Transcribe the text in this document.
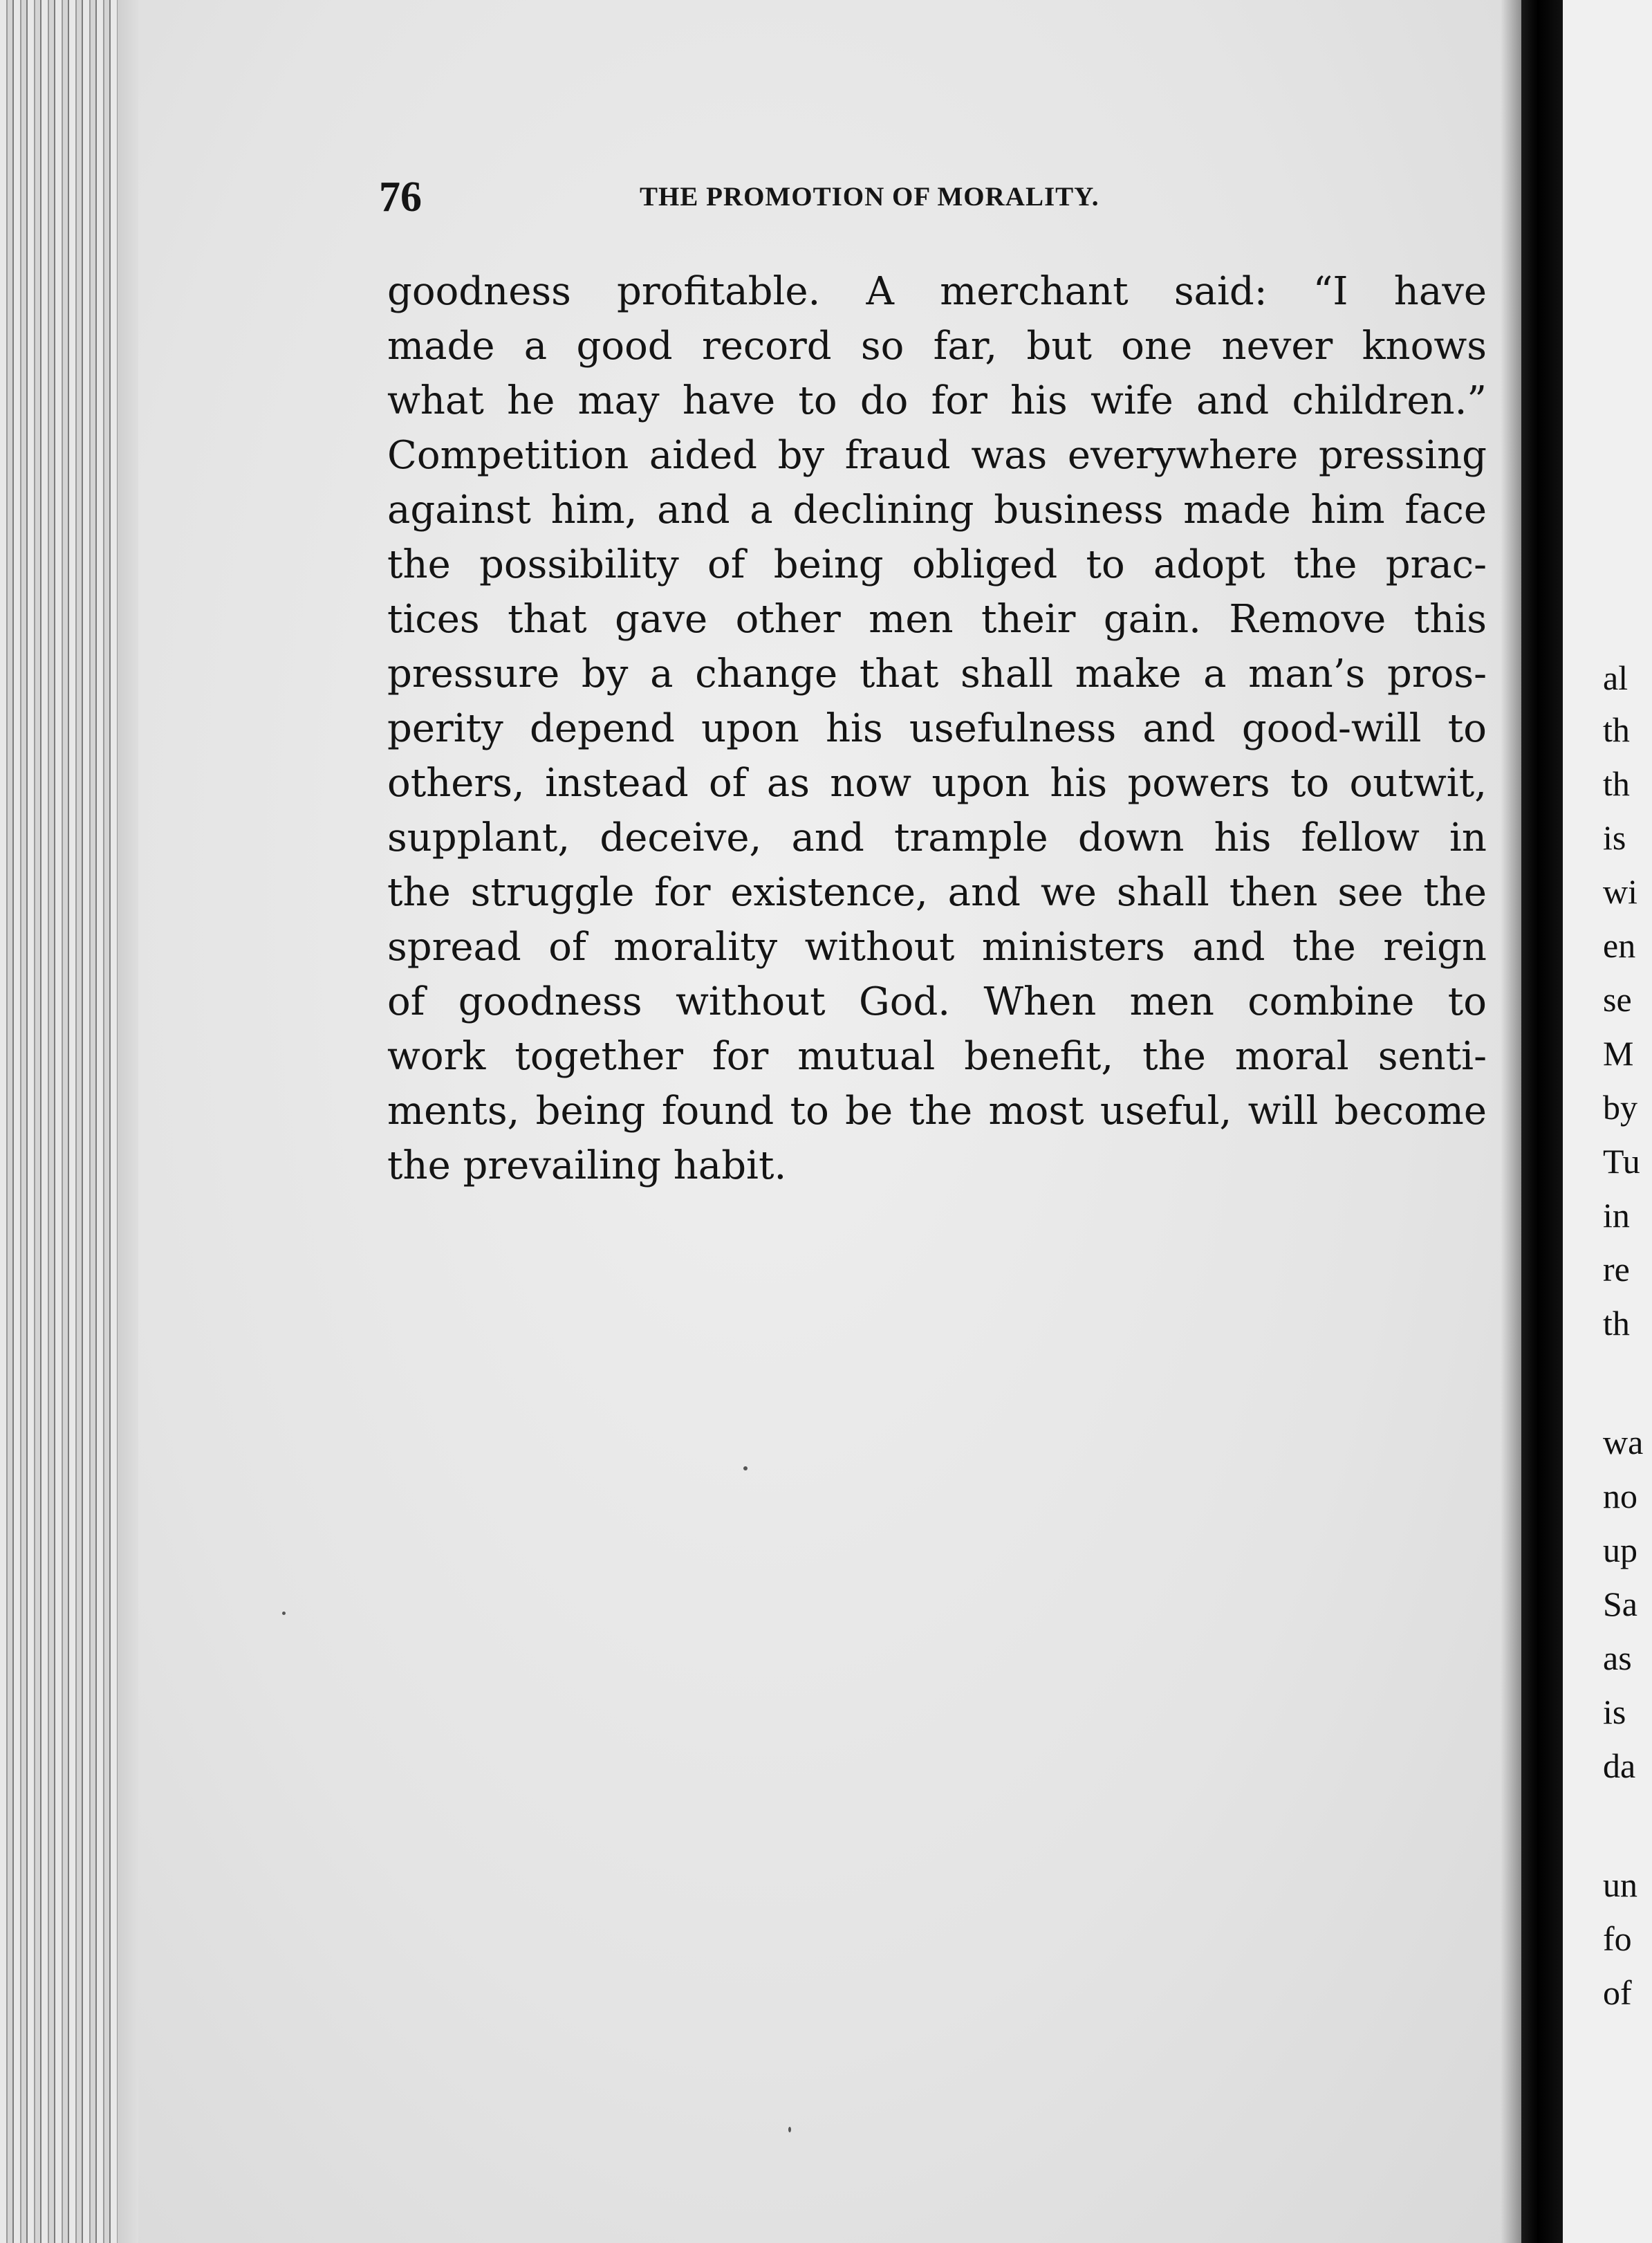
76	THE PROMOTION OF MORALITY.
goodness profitable. A merchant said: “I have
made a good record so far, but one never knows
what he may have to do for his wife and children.”
Competition aided by fraud was everywhere pressing
against him, and a declining business made him face
the possibility of being obliged to adopt the prac-
tices that gave other men their gain. Remove this
pressure by a change that shall make a man’s pros-
perity depend upon his usefulness and good-will to
others, instead of as now upon his powers to outwit,
supplant, deceive, and trample down his fellow in
the struggle for existence, and we shall then see the
spread of morality without ministers and the reign
of goodness without God. When men combine to
work together for mutual benefit, the moral senti-
ments, being found to be the most useful, will become
the prevailing habit.
al
th
th
is
wi
en
se
M
by
Tu
in
re
th
wa
no
up
Sa
as
is
da
un
fo
of
